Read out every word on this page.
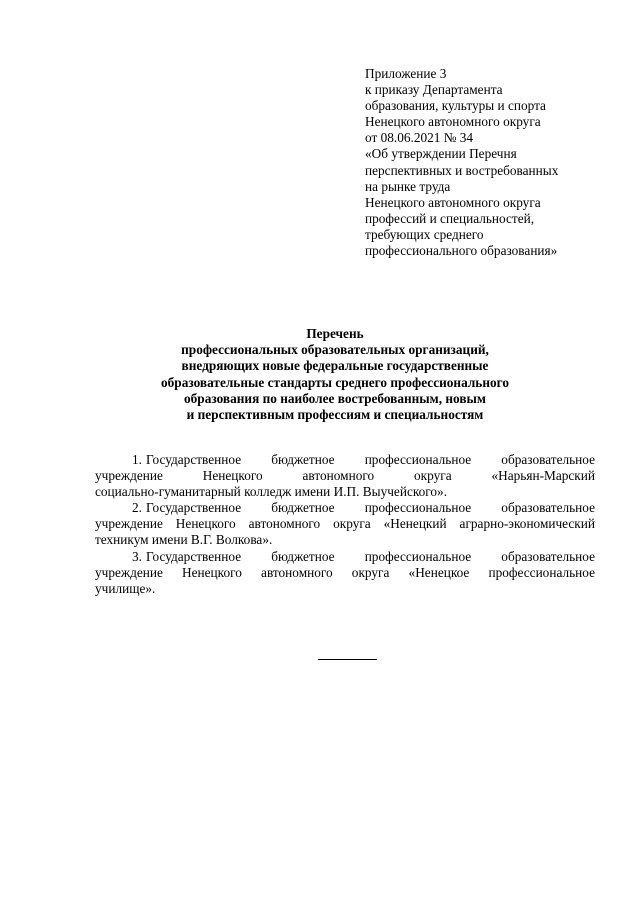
Приложение 3
к приказу Департамента
образования, культуры и спорта
Ненецкого автономного округа
от 08.06.2021 № 34
«Об утверждении Перечня
перспективных и востребованных
на рынке труда
Ненецкого автономного округа
профессий и специальностей,
требующих среднего
профессионального образования»
Перечень
профессиональных образовательных организаций,
внедряющих новые федеральные государственные
образовательные стандарты среднего профессионального
образования по наиболее востребованным, новым
и перспективным профессиям и специальностям
1. Государственное бюджетное профессиональное образовательное
учреждение Ненецкого автономного округа «Нарьян-Марский
социально-гуманитарный колледж имени И.П. Выучейского».
2. Государственное бюджетное профессиональное образовательное
учреждение Ненецкого автономного округа «Ненецкий аграрно-экономический
техникум имени В.Г. Волкова».
3. Государственное бюджетное профессиональное образовательное
учреждение Ненецкого автономного округа «Ненецкое профессиональное
училище».
